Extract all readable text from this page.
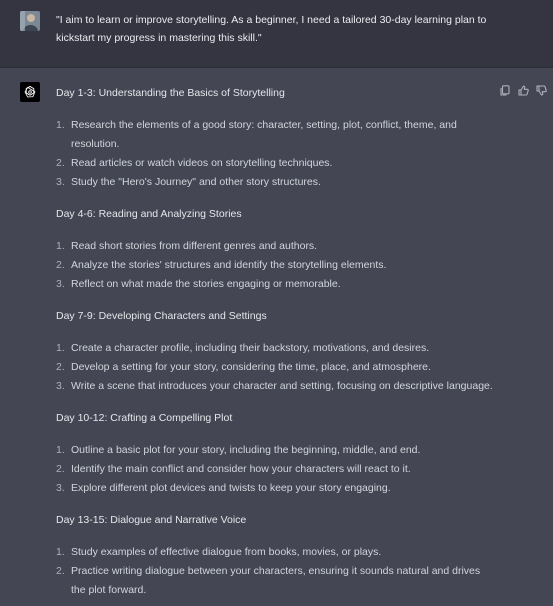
"I aim to learn or improve storytelling. As a beginner, I need a tailored 30-day learning plan to kickstart my progress in mastering this skill."

Day 1-3: Understanding the Basics of Storytelling

1. Research the elements of a good story: character, setting, plot, conflict, theme, and resolution.
2. Read articles or watch videos on storytelling techniques.
3. Study the "Hero's Journey" and other story structures.

Day 4-6: Reading and Analyzing Stories

1. Read short stories from different genres and authors.
2. Analyze the stories' structures and identify the storytelling elements.
3. Reflect on what made the stories engaging or memorable.

Day 7-9: Developing Characters and Settings

1. Create a character profile, including their backstory, motivations, and desires.
2. Develop a setting for your story, considering the time, place, and atmosphere.
3. Write a scene that introduces your character and setting, focusing on descriptive language.

Day 10-12: Crafting a Compelling Plot

1. Outline a basic plot for your story, including the beginning, middle, and end.
2. Identify the main conflict and consider how your characters will react to it.
3. Explore different plot devices and twists to keep your story engaging.

Day 13-15: Dialogue and Narrative Voice

1. Study examples of effective dialogue from books, movies, or plays.
2. Practice writing dialogue between your characters, ensuring it sounds natural and drives the plot forward.
